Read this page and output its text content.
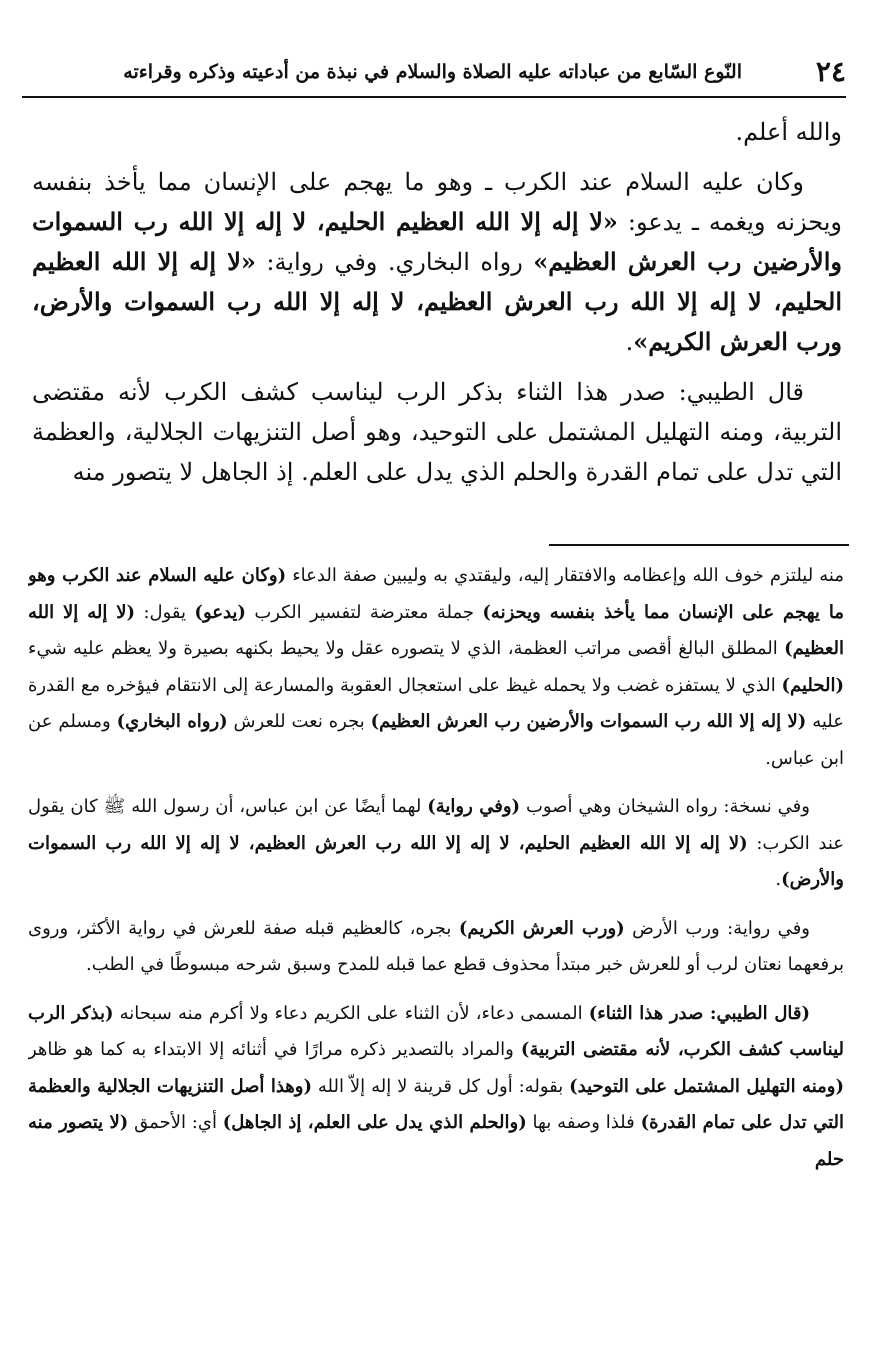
٢٤
النّوع السّابع من عباداته عليه الصلاة والسلام في نبذة من أدعيته وذكره وقراءته

والله أعلم.

وكان عليه السلام عند الكرب ـ وهو ما يهجم على الإنسان مما يأخذ بنفسه ويحزنه ويغمه ـ يدعو: «لا إله إلا الله العظيم الحليم، لا إله إلا الله رب السموات والأرضين رب العرش العظيم» رواه البخاري. وفي رواية: «لا إله إلا الله العظيم الحليم، لا إله إلا الله رب العرش العظيم، لا إله إلا الله رب السموات والأرض، ورب العرش الكريم».

قال الطيبي: صدر هذا الثناء بذكر الرب ليناسب كشف الكرب لأنه مقتضى التربية، ومنه التهليل المشتمل على التوحيد، وهو أصل التنزيهات الجلالية، والعظمة التي تدل على تمام القدرة والحلم الذي يدل على العلم. إذ الجاهل لا يتصور منه

منه ليلتزم خوف الله وإعظامه والافتقار إليه، وليقتدي به وليبين صفة الدعاء (وكان عليه السلام عند الكرب وهو ما يهجم على الإنسان مما يأخذ بنفسه ويحزنه) جملة معترضة لتفسير الكرب (يدعو) يقول: (لا إله إلا الله العظيم) المطلق البالغ أقصى مراتب العظمة، الذي لا يتصوره عقل ولا يحيط بكنهه بصيرة ولا يعظم عليه شيء (الحليم) الذي لا يستفزه غضب ولا يحمله غيظ على استعجال العقوبة والمسارعة إلى الانتقام فيؤخره مع القدرة عليه (لا إله إلا الله رب السموات والأرضين رب العرش العظيم) بجره نعت للعرش (رواه البخاري) ومسلم عن ابن عباس.

وفي نسخة: رواه الشيخان وهي أصوب (وفي رواية) لهما أيضًا عن ابن عباس، أن رسول الله ﷺ كان يقول عند الكرب: (لا إله إلا الله العظيم الحليم، لا إله إلا الله رب العرش العظيم، لا إله إلا الله رب السموات والأرض).

وفي رواية: ورب الأرض (ورب العرش الكريم) بجره، كالعظيم قبله صفة للعرش في رواية الأكثر، وروى برفعهما نعتان لرب أو للعرش خبر مبتدأ محذوف قطع عما قبله للمدح وسبق شرحه مبسوطًا في الطب.

(قال الطيبي: صدر هذا الثناء) المسمى دعاء، لأن الثناء على الكريم دعاء ولا أكرم منه سبحانه (بذكر الرب ليناسب كشف الكرب، لأنه مقتضى التربية) والمراد بالتصدير ذكره مرارًا في أثنائه إلا الابتداء به كما هو ظاهر (ومنه التهليل المشتمل على التوحيد) بقوله: أول كل قرينة لا إله إلاّ الله (وهذا أصل التنزيهات الجلالية والعظمة التي تدل على تمام القدرة) فلذا وصفه بها (والحلم الذي يدل على العلم، إذ الجاهل) أي: الأحمق (لا يتصور منه حلم
